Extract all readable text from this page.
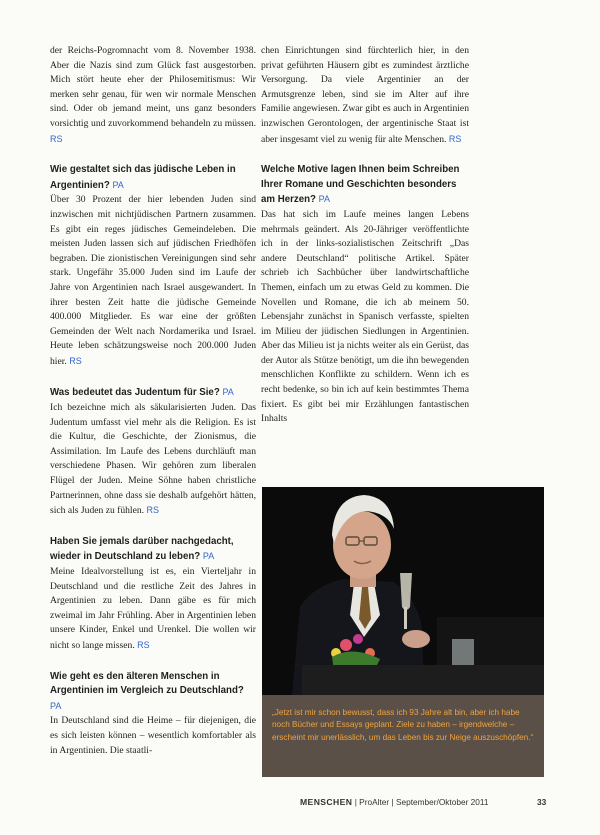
der Reichs-Pogromnacht vom 8. November 1938. Aber die Nazis sind zum Glück fast ausgestorben. Mich stört heute eher der Philosemitismus: Wir merken sehr genau, für wen wir normale Menschen sind. Oder ob jemand meint, uns ganz besonders vorsichtig und zuvorkommend behandeln zu müssen. RS

Wie gestaltet sich das jüdische Leben in Argentinien? PA

Über 30 Prozent der hier lebenden Juden sind inzwischen mit nichtjüdischen Partnern zusammen. Es gibt ein reges jüdisches Gemeindeleben. Die meisten Juden lassen sich auf jüdischen Friedhöfen begraben. Die zionistischen Vereinigungen sind sehr stark. Ungefähr 35.000 Juden sind im Laufe der Jahre von Argentinien nach Israel ausgewandert. In ihrer besten Zeit hatte die jüdische Gemeinde 400.000 Mitglieder. Es war eine der größten Gemeinden der Welt nach Nordamerika und Israel. Heute leben schätzungsweise noch 200.000 Juden hier. RS

Was bedeutet das Judentum für Sie? PA

Ich bezeichne mich als säkularisierten Juden. Das Judentum umfasst viel mehr als die Religion. Es ist die Kultur, die Geschichte, der Zionismus, die Assimilation. Im Laufe des Lebens durchläuft man verschiedene Phasen. Wir gehören zum liberalen Flügel der Juden. Meine Söhne haben christliche Partnerinnen, ohne dass sie deshalb aufgehört hätten, sich als Juden zu fühlen. RS

Haben Sie jemals darüber nachgedacht, wieder in Deutschland zu leben? PA

Meine Idealvorstellung ist es, ein Vierteljahr in Deutschland und die restliche Zeit des Jahres in Argentinien zu leben. Dann gäbe es für mich zweimal im Jahr Frühling. Aber in Argentinien leben unsere Kinder, Enkel und Urenkel. Die wollen wir nicht so lange missen. RS

Wie geht es den älteren Menschen in Argentinien im Vergleich zu Deutschland? PA

In Deutschland sind die Heime – für diejenigen, die es sich leisten können – wesentlich komfortabler als in Argentinien. Die staatli-

chen Einrichtungen sind fürchterlich hier, in den privat geführten Häusern gibt es zumindest ärztliche Versorgung. Da viele Argentinier an der Armutsgrenze leben, sind sie im Alter auf ihre Familie angewiesen. Zwar gibt es auch in Argentinien inzwischen Gerontologen, der argentinische Staat ist aber insgesamt viel zu wenig für alte Menschen. RS

Welche Motive lagen Ihnen beim Schreiben Ihrer Romane und Geschichten besonders am Herzen? PA

Das hat sich im Laufe meines langen Lebens mehrmals geändert. Als 20-Jähriger veröffentlichte ich in der links-sozialistischen Zeitschrift „Das andere Deutschland“ politische Artikel. Später schrieb ich Sachbücher über landwirtschaftliche Themen, einfach um zu etwas Geld zu kommen. Die Novellen und Romane, die ich ab meinem 50. Lebensjahr zunächst in Spanisch verfasste, spielten im Milieu der jüdischen Siedlungen in Argentinien. Aber das Milieu ist ja nichts weiter als ein Gerüst, das der Autor als Stütze benötigt, um die ihn bewegenden menschlichen Konflikte zu schildern. Wenn ich es recht bedenke, so bin ich auf kein bestimmtes Thema fixiert. Es gibt bei mir Erzählungen fantastischen Inhalts

„Jetzt ist mir schon bewusst, dass ich 93 Jahre alt bin, aber ich habe noch Bücher und Essays geplant. Ziele zu haben – irgendwelche – erscheint mir unerlässlich, um das Leben bis zur Neige auszuschöpfen.“

MENSCHEN | ProAlter | September/Oktober 2011	33
